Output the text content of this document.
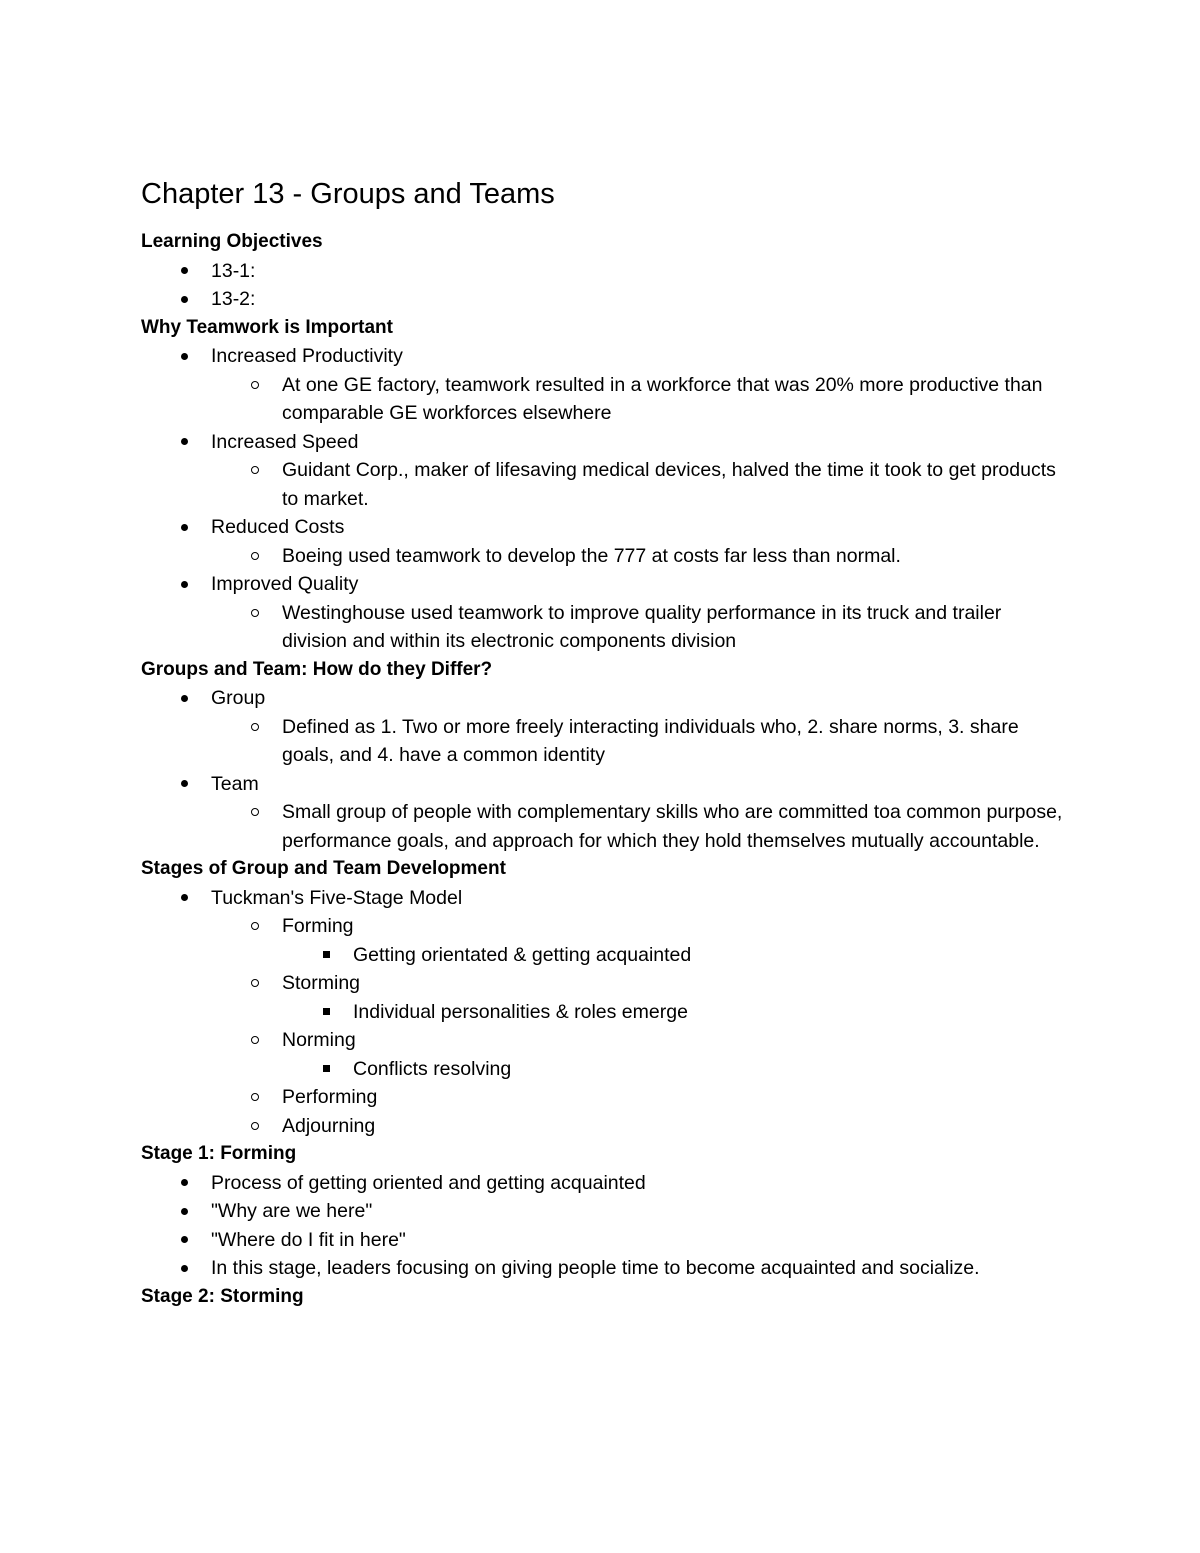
Chapter 13 - Groups and Teams
Learning Objectives
13-1:
13-2:
Why Teamwork is Important
Increased Productivity
At one GE factory, teamwork resulted in a workforce that was 20% more productive than comparable GE workforces elsewhere
Increased Speed
Guidant Corp., maker of lifesaving medical devices, halved the time it took to get products to market.
Reduced Costs
Boeing used teamwork to develop the 777 at costs far less than normal.
Improved Quality
Westinghouse used teamwork to improve quality performance in its truck and trailer division and within its electronic components division
Groups and Team: How do they Differ?
Group
Defined as 1. Two or more freely interacting individuals who, 2. share norms, 3. share goals, and 4. have a common identity
Team
Small group of people with complementary skills who are committed toa common purpose, performance goals, and approach for which they hold themselves mutually accountable.
Stages of Group and Team Development
Tuckman's Five-Stage Model
Forming
Getting orientated & getting acquainted
Storming
Individual personalities & roles emerge
Norming
Conflicts resolving
Performing
Adjourning
Stage 1: Forming
Process of getting oriented and getting acquainted
"Why are we here"
"Where do I fit in here"
In this stage, leaders focusing on giving people time to become acquainted and socialize.
Stage 2: Storming
